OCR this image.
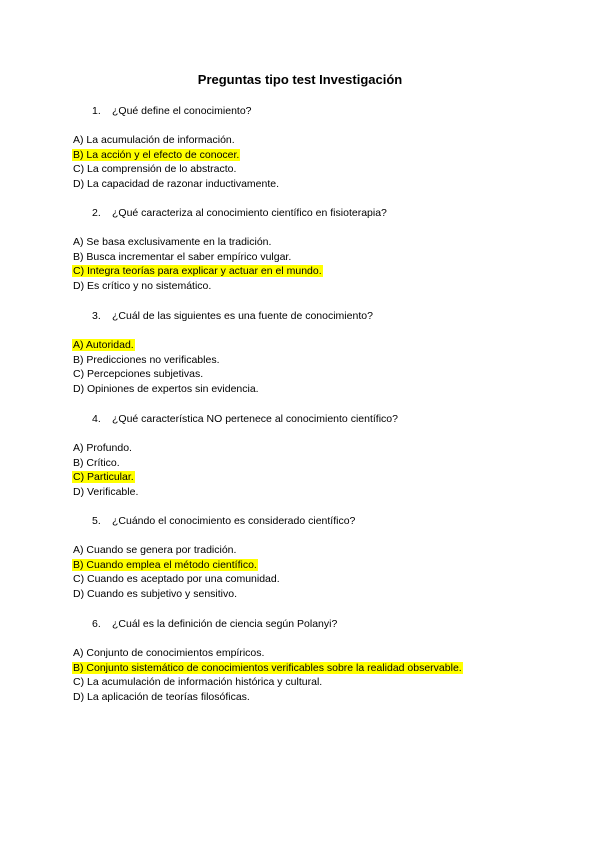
Preguntas tipo test Investigación
1. ¿Qué define el conocimiento?
A) La acumulación de información.
B) La acción y el efecto de conocer.
C) La comprensión de lo abstracto.
D) La capacidad de razonar inductivamente.
2. ¿Qué caracteriza al conocimiento científico en fisioterapia?
A) Se basa exclusivamente en la tradición.
B) Busca incrementar el saber empírico vulgar.
C) Integra teorías para explicar y actuar en el mundo.
D) Es crítico y no sistemático.
3. ¿Cuál de las siguientes es una fuente de conocimiento?
A) Autoridad.
B) Predicciones no verificables.
C) Percepciones subjetivas.
D) Opiniones de expertos sin evidencia.
4. ¿Qué característica NO pertenece al conocimiento científico?
A) Profundo.
B) Crítico.
C) Particular.
D) Verificable.
5. ¿Cuándo el conocimiento es considerado científico?
A) Cuando se genera por tradición.
B) Cuando emplea el método científico.
C) Cuando es aceptado por una comunidad.
D) Cuando es subjetivo y sensitivo.
6. ¿Cuál es la definición de ciencia según Polanyi?
A) Conjunto de conocimientos empíricos.
B) Conjunto sistemático de conocimientos verificables sobre la realidad observable.
C) La acumulación de información histórica y cultural.
D) La aplicación de teorías filosóficas.
